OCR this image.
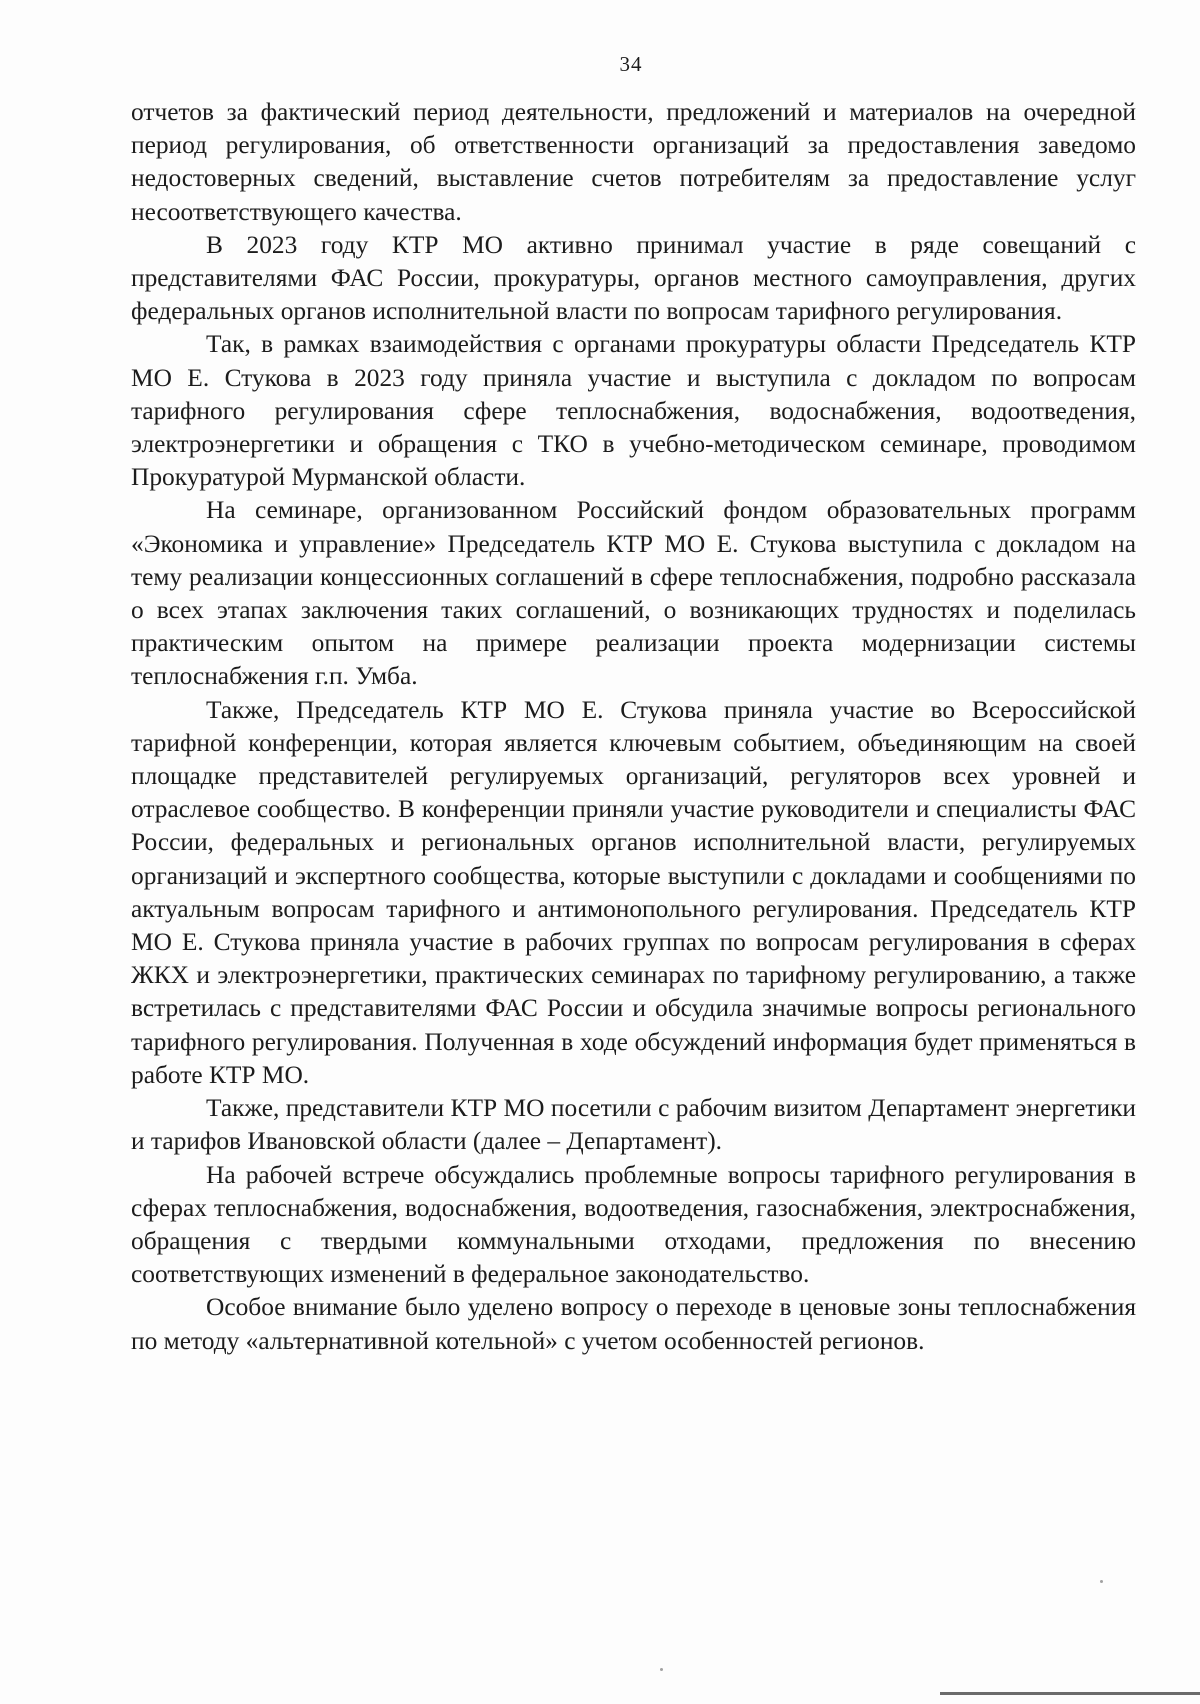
34

отчетов за фактический период деятельности, предложений и материалов на очередной период регулирования, об ответственности организаций за предоставления заведомо недостоверных сведений, выставление счетов потребителям за предоставление услуг несоответствующего качества.

В 2023 году КТР МО активно принимал участие в ряде совещаний с представителями ФАС России, прокуратуры, органов местного самоуправления, других федеральных органов исполнительной власти по вопросам тарифного регулирования.

Так, в рамках взаимодействия с органами прокуратуры области Председатель КТР МО Е. Стукова в 2023 году приняла участие и выступила с докладом по вопросам тарифного регулирования сфере теплоснабжения, водоснабжения, водоотведения, электроэнергетики и обращения с ТКО в учебно-методическом семинаре, проводимом Прокуратурой Мурманской области.

На семинаре, организованном Российский фондом образовательных программ «Экономика и управление» Председатель КТР МО Е. Стукова выступила с докладом на тему реализации концессионных соглашений в сфере теплоснабжения, подробно рассказала о всех этапах заключения таких соглашений, о возникающих трудностях и поделилась практическим опытом на примере реализации проекта модернизации системы теплоснабжения г.п. Умба.

Также, Председатель КТР МО Е. Стукова приняла участие во Всероссийской тарифной конференции, которая является ключевым событием, объединяющим на своей площадке представителей регулируемых организаций, регуляторов всех уровней и отраслевое сообщество. В конференции приняли участие руководители и специалисты ФАС России, федеральных и региональных органов исполнительной власти, регулируемых организаций и экспертного сообщества, которые выступили с докладами и сообщениями по актуальным вопросам тарифного и антимонопольного регулирования. Председатель КТР МО Е. Стукова приняла участие в рабочих группах по вопросам регулирования в сферах ЖКХ и электроэнергетики, практических семинарах по тарифному регулированию, а также встретилась с представителями ФАС России и обсудила значимые вопросы регионального тарифного регулирования. Полученная в ходе обсуждений информация будет применяться в работе КТР МО.

Также, представители КТР МО посетили с рабочим визитом Департамент энергетики и тарифов Ивановской области (далее – Департамент).

На рабочей встрече обсуждались проблемные вопросы тарифного регулирования в сферах теплоснабжения, водоснабжения, водоотведения, газоснабжения, электроснабжения, обращения с твердыми коммунальными отходами, предложения по внесению соответствующих изменений в федеральное законодательство.

Особое внимание было уделено вопросу о переходе в ценовые зоны теплоснабжения по методу «альтернативной котельной» с учетом особенностей регионов.
